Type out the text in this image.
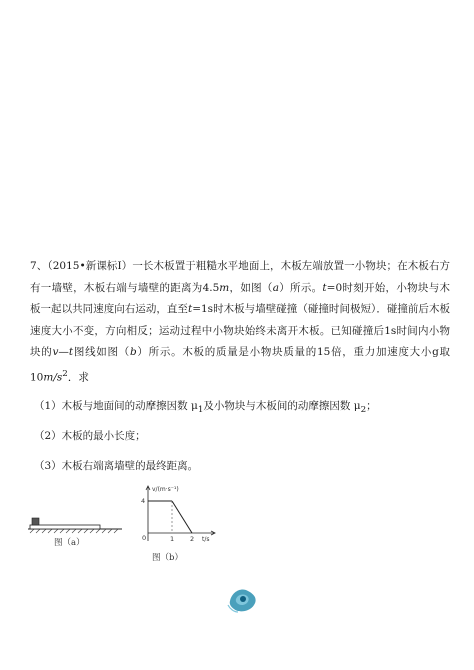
7、（2015•新课标Ⅰ）一长木板置于粗糙水平地面上，木板左端放置一小物块；在木板右方有一墙壁，木板右端与墙壁的距离为4.5m，如图（a）所示。t=0时刻开始，小物块与木板一起以共同速度向右运动，直至t=1s时木板与墙壁碰撞（碰撞时间极短）．碰撞前后木板速度大小不变，方向相反；运动过程中小物块始终未离开木板。已知碰撞后1s时间内小物块的v—t图线如图（b）所示。木板的质量是小物块质量的15倍，重力加速度大小g取$10m/s^2$．求

（1）木板与地面间的动摩擦因数 $\mu_1$及小物块与木板间的动摩擦因数 $\mu_2$；
（2）木板的最小长度；
（3）木板右端离墙壁的最终距离。
图（a）
v/(m·s⁻¹)
4
0	1 2 t/s
图（b）
